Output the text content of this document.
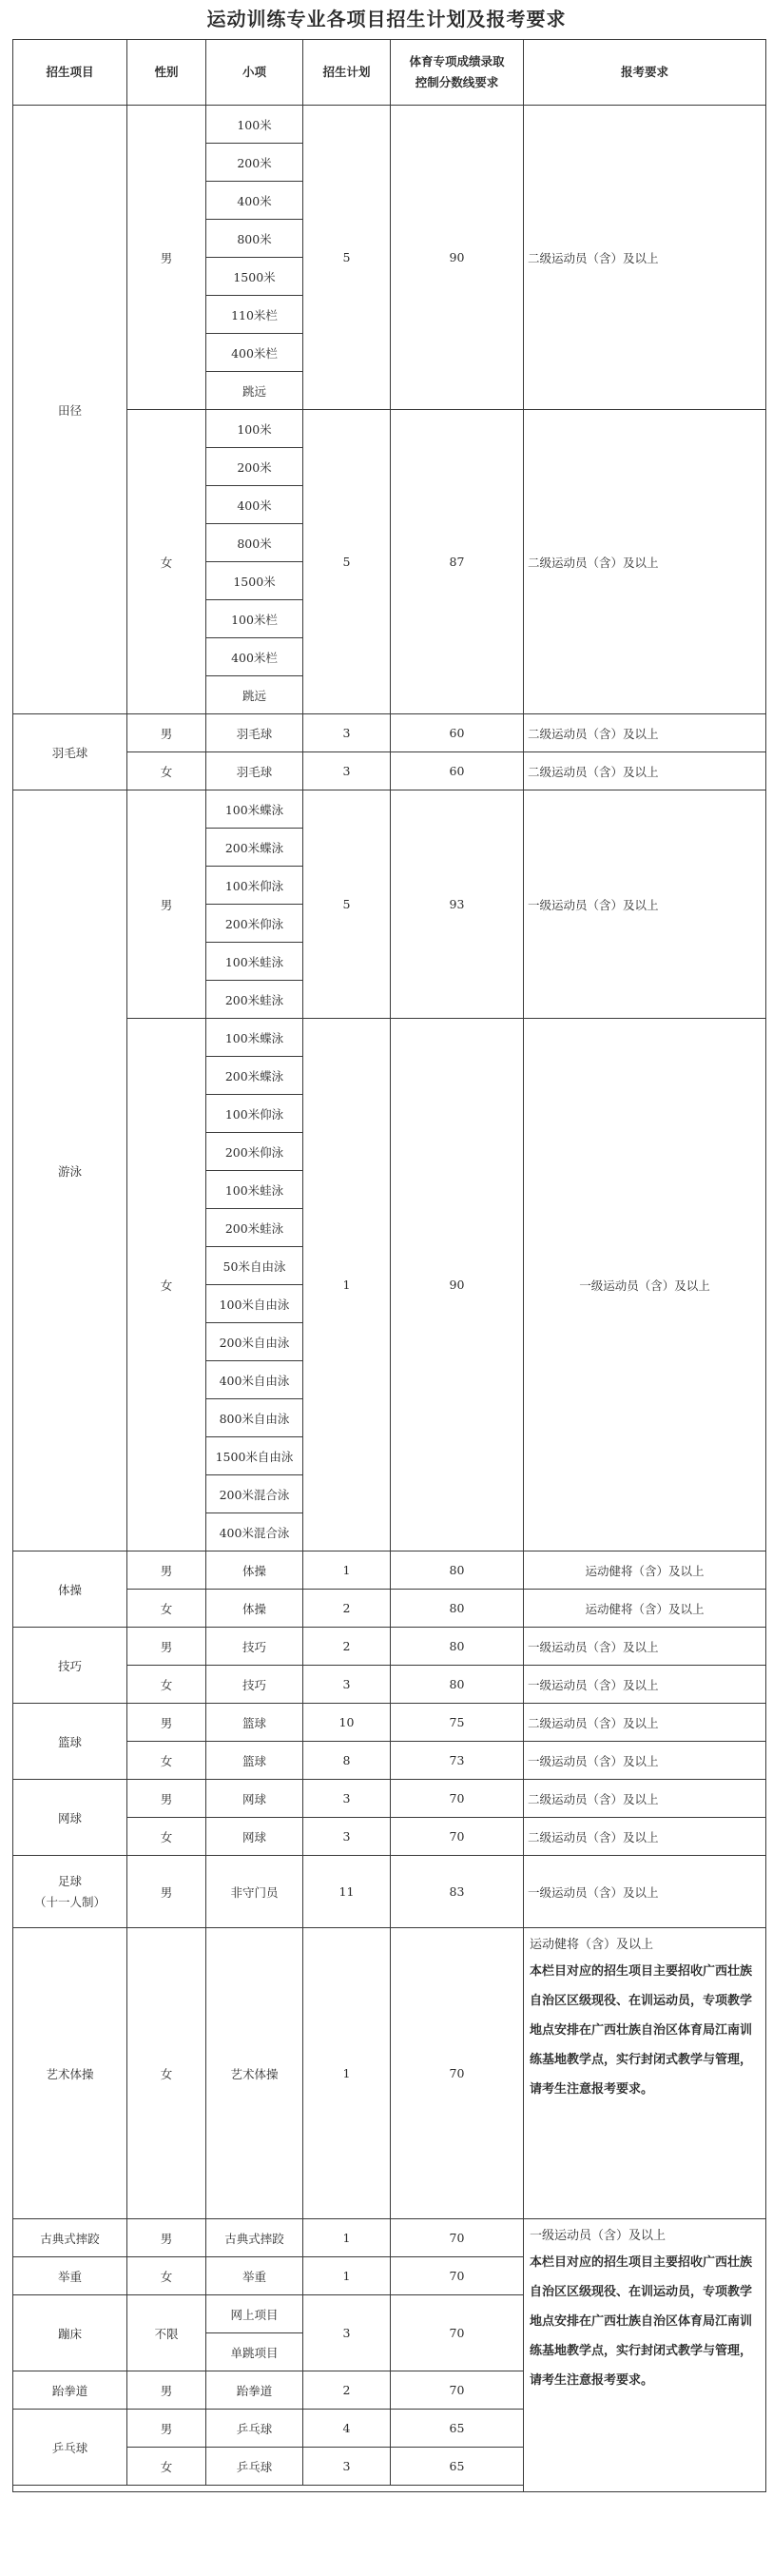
运动训练专业各项目招生计划及报考要求
招生项目	性别	小项	招生计划	体育专项成绩录取
控制分数线要求	报考要求
田径	男	100米	5	90	二级运动员（含）及以上
		200米			
		400米			
		800米			
		1500米			
		110米栏			
		400米栏			
		跳远			
	女	100米	5	87	二级运动员（含）及以上
		200米			
		400米			
		800米			
		1500米			
		100米栏			
		400米栏			
		跳远			
羽毛球	男	羽毛球	3	60	二级运动员（含）及以上
	女	羽毛球	3	60	二级运动员（含）及以上
游泳	男	100米蝶泳	5	93	一级运动员（含）及以上
		200米蝶泳			
		100米仰泳			
		200米仰泳			
		100米蛙泳			
		200米蛙泳			
	女	100米蝶泳	1	90	一级运动员（含）及以上
		200米蝶泳			
		100米仰泳			
		200米仰泳			
		100米蛙泳			
		200米蛙泳			
		50米自由泳			
		100米自由泳			
		200米自由泳			
		400米自由泳			
		800米自由泳			
		1500米自由泳			
		200米混合泳			
		400米混合泳			
体操	男	体操	1	80	运动健将（含）及以上
	女	体操	2	80	运动健将（含）及以上
技巧	男	技巧	2	80	一级运动员（含）及以上
	女	技巧	3	80	一级运动员（含）及以上
篮球	男	篮球	10	75	二级运动员（含）及以上
	女	篮球	8	73	一级运动员（含）及以上
网球	男	网球	3	70	二级运动员（含）及以上
	女	网球	3	70	二级运动员（含）及以上
足球
（十一人制）	男	非守门员	11	83	一级运动员（含）及以上
艺术体操	女	艺术体操	1	70	运动健将（含）及以上
本栏目对应的招生项目主要招收广西壮族自治区区级现役、在训运动员，专项教学地点安排在广西壮族自治区体育局江南训练基地教学点，实行封闭式教学与管理，请考生注意报考要求。
古典式摔跤	男	古典式摔跤	1	70	一级运动员（含）及以上
本栏目对应的招生项目主要招收广西壮族自治区区级现役、在训运动员，专项教学地点安排在广西壮族自治区体育局江南训练基地教学点，实行封闭式教学与管理，请考生注意报考要求。
举重	女	举重	1	70	
蹦床	不限	网上项目	3	70	
		单跳项目			
跆拳道	男	跆拳道	2	70	
乒乓球	男	乒乓球	4	65	
	女	乒乓球	3	65	
